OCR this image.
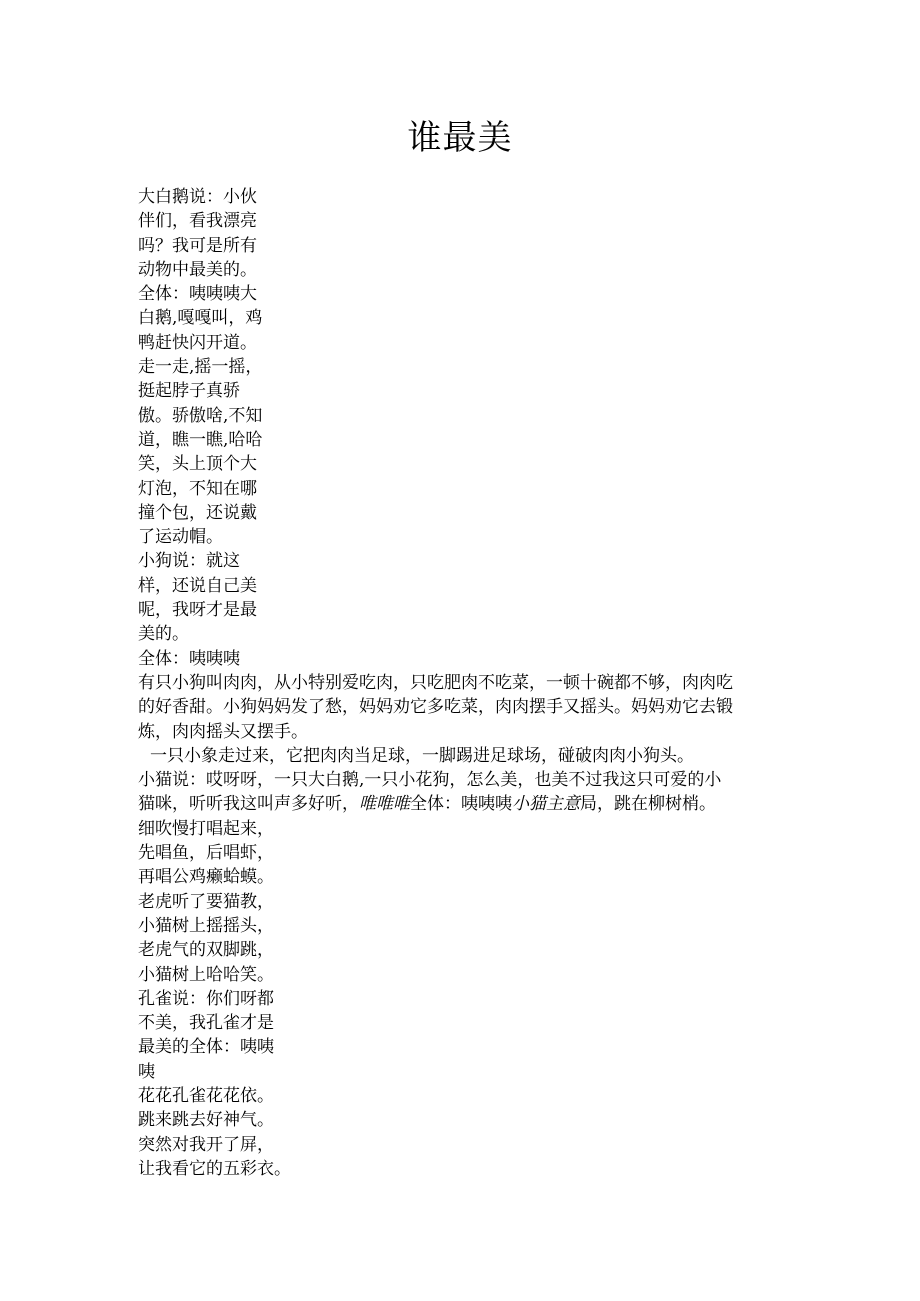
谁最美
大白鹅说：小伙
伴们，看我漂亮
吗？我可是所有
动物中最美的。
全体：咦咦咦大
白鹅,嘎嘎叫，鸡
鸭赶快闪开道。
走一走,摇一摇，
挺起脖子真骄
傲。骄傲啥,不知
道，瞧一瞧,哈哈
笑，头上顶个大
灯泡，不知在哪
撞个包，还说戴
了运动帽。
小狗说：就这
样，还说自己美
呢，我呀才是最
美的。
全体：咦咦咦
有只小狗叫肉肉，从小特别爱吃肉，只吃肥肉不吃菜，一顿十碗都不够，肉肉吃
的好香甜。小狗妈妈发了愁，妈妈劝它多吃菜，肉肉摆手又摇头。妈妈劝它去锻
炼，肉肉摇头又摆手。
一只小象走过来，它把肉肉当足球，一脚踢进足球场，碰破肉肉小狗头。
小猫说：哎呀呀，一只大白鹅,一只小花狗，怎么美，也美不过我这只可爱的小
猫咪，听听我这叫声多好听，唯唯唯全体：咦咦咦小猫主意局，跳在柳树梢。
细吹慢打唱起来，
先唱鱼，后唱虾，
再唱公鸡癞蛤蟆。
老虎听了要猫教，
小猫树上摇摇头，
老虎气的双脚跳，
小猫树上哈哈笑。
孔雀说：你们呀都
不美，我孔雀才是
最美的全体：咦咦
咦
花花孔雀花花依。
跳来跳去好神气。
突然对我开了屏，
让我看它的五彩衣。
